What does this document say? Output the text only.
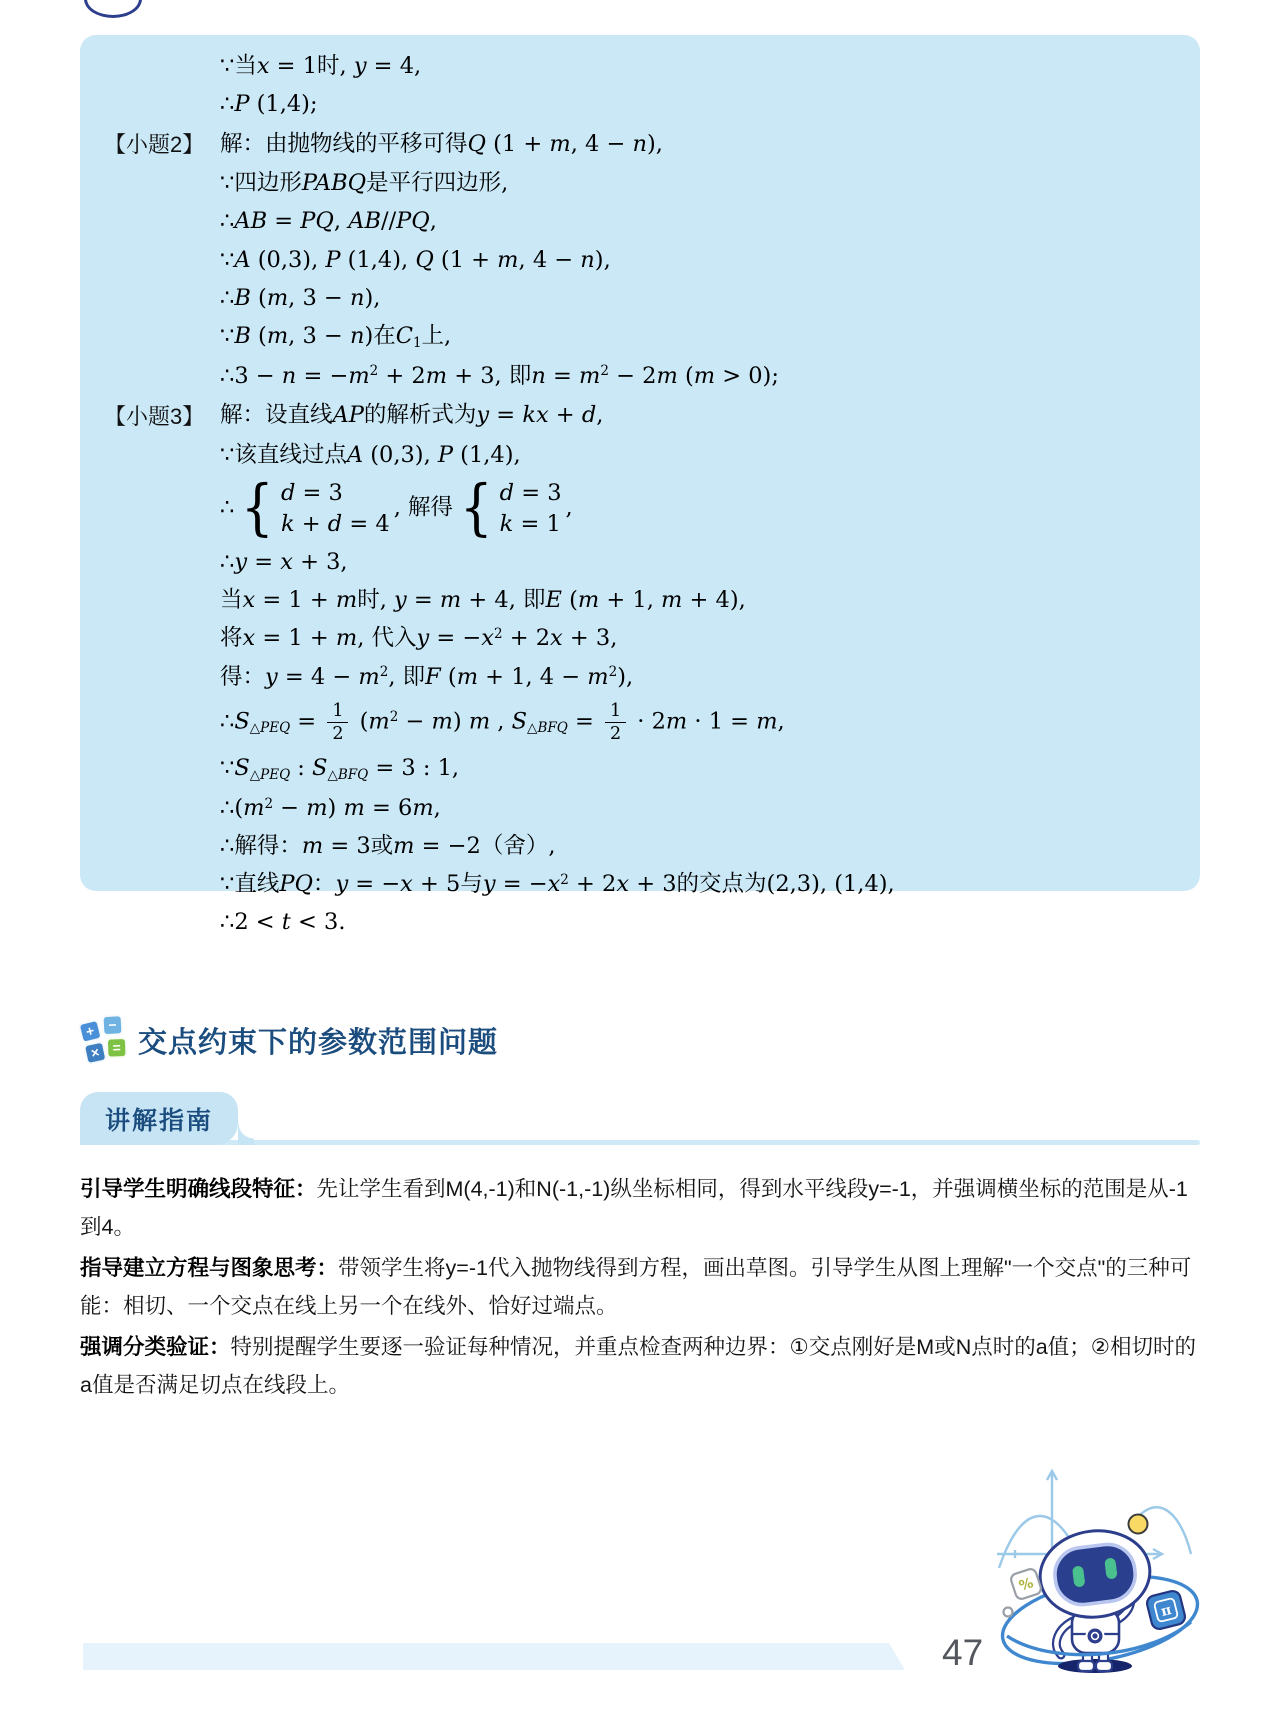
∵当x = 1时, y = 4,
∴P (1,4);
【小题2】 解：由抛物线的平移可得Q (1 + m, 4 − n),
∵四边形PABQ是平行四边形,
∴AB = PQ, AB//PQ,
∵A (0,3), P (1,4), Q (1 + m, 4 − n),
∴B (m, 3 − n),
∵B (m, 3 − n)在C1上,
∴3 − $n = -m^2 + 2m + 3$, 即$n = m^2 - 2m$ (m > 0);
【小题3】 解：设直线AP的解析式为y = kx + d,
∵该直线过点A (0,3), P (1,4),
∴ { d = 3
k + d = 4
, 解得 { d = 3
k = 1
,
∴y = x + 3,
当x = 1 + m时, y = m + 4, 即E (m + 1, m + 4),
将x = 1 + m, 代入$y = -x^2 + 2x + 3$,
得：$y = 4 - m^2$, 即F (m + 1, $4 - m^2$),
∴S△PEQ = $\frac{1}{2} (m^2 - m)$ m , S△BFQ = $\frac{1}{2} \cdot 2m \cdot 1 = m$,
∵S△PEQ : S△BFQ = 3 : 1,
$\therefore(m^2 - m) m = 6m$,
∴解得：m = 3或m = −2（舍）,
∵直线PQ：y = −x + 5与$y = -x^2 + 2x + 3$的交点为(2,3), (1,4),
∴2 < t < 3.
+ −
× = 交点约束下的参数范围问题
讲解指南

引导学生明确线段特征：先让学生看到M(4,-1)和N(-1,-1)纵坐标相同，得到水平线段y=-1，并强调横坐标的范围是从-1到4。

指导建立方程与图象思考：带领学生将y=-1代入抛物线得到方程，画出草图。引导学生从图上理解"一个交点"的三种可能：相切、一个交点在线上另一个在线外、恰好过端点。

强调分类验证：特别提醒学生要逐一验证每种情况，并重点检查两种边界：①交点刚好是M或N点时的a值；②相切时的a值是否满足切点在线段上。

47
π
%
